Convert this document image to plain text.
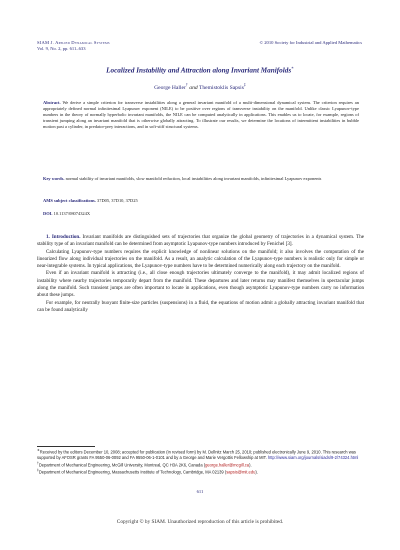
SIAM J. Applied Dynamical Systems
Vol. 9, No. 2, pp. 611–633
© 2010 Society for Industrial and Applied Mathematics
Localized Instability and Attraction along Invariant Manifolds∗
George Haller† and Themistoklis Sapsis‡
Abstract. We derive a simple criterion for transverse instabilities along a general invariant manifold of a multi-dimensional dynamical system. The criterion requires an appropriately defined normal infinitesimal Lyapunov exponent (NILE) to be positive over regions of transverse instability on the manifold. Unlike classic Lyapunov-type numbers in the theory of normally hyperbolic invariant manifolds, the NILE can be computed analytically in applications. This enables us to locate, for example, regions of transient jumping along an invariant manifold that is otherwise globally attracting. To illustrate our results, we determine the locations of intermittent instabilities in bubble motion past a cylinder, in predator-prey interactions, and in soft-stiff structural systems.
Key words. normal stability of invariant manifolds, slow manifold reduction, local instabilities along invariant manifolds, infinitesimal Lyapunov exponents
AMS subject classifications. 37D05, 37D10, 37D25
DOI. 10.1137/08074324X

1. Introduction. Invariant manifolds are distinguished sets of trajectories that organize the global geometry of trajectories in a dynamical system. The stability type of an invariant manifold can be determined from asymptotic Lyapunov-type numbers introduced by Fenichel [3].

Calculating Lyapunov-type numbers requires the explicit knowledge of nonlinear solutions on the manifold; it also involves the computation of the linearized flow along individual trajectories on the manifold. As a result, an analytic calculation of the Lyapunov-type numbers is realistic only for simple or near-integrable systems. In typical applications, the Lyapunov-type numbers have to be determined numerically along each trajectory on the manifold.

Even if an invariant manifold is attracting (i.e., all close enough trajectories ultimately converge to the manifold), it may admit localized regions of instability where nearby trajectories temporarily depart from the manifold. These departures and later returns may manifest themselves in spectacular jumps along the manifold. Such transient jumps are often important to locate in applications, even though asymptotic Lyapunov-type numbers carry no information about these jumps.

For example, for neutrally buoyant finite-size particles (suspensions) in a fluid, the equations of motion admit a globally attracting invariant manifold that can be found analytically

∗Received by the editors December 10, 2008; accepted for publication (in revised form) by M. Dellnitz March 25, 2010; published electronically June 9, 2010. This research was supported by AFOSR grants FA 9550-06-0092 and FA 9550-06-1-0101 and by a George and Marie Vergottis Fellowship at MIT. http://www.siam.org/journals/siads/9-2/74324.html

†Department of Mechanical Engineering, McGill University, Montreal, QC H3A 2K6, Canada (george.haller@mcgill.ca).

‡Department of Mechanical Engineering, Massachusetts Institute of Technology, Cambridge, MA 02139 (sapsis@mit.edu).

611
Copyright © by SIAM. Unauthorized reproduction of this article is prohibited.
